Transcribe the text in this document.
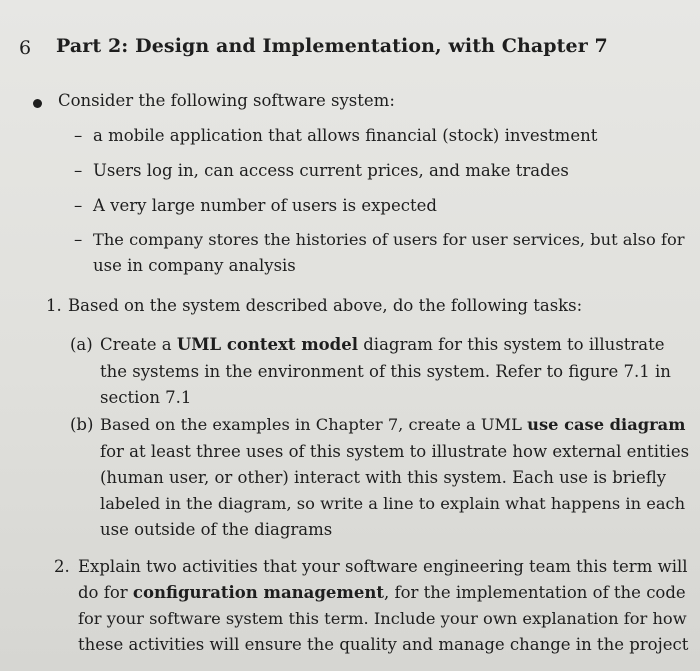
6 Part 2: Design and Implementation, with Chapter 7
Consider the following software system:
– a mobile application that allows financial (stock) investment
– Users log in, can access current prices, and make trades
– A very large number of users is expected
– The company stores the histories of users for user services, but also for
use in company analysis
1. Based on the system described above, do the following tasks:
(a) Create a UML context model diagram for this system to illustrate
the systems in the environment of this system. Refer to figure 7.1 in
section 7.1
(b) Based on the examples in Chapter 7, create a UML use case diagram
for at least three uses of this system to illustrate how external entities
(human user, or other) interact with this system. Each use is briefly
labeled in the diagram, so write a line to explain what happens in each
use outside of the diagrams
2. Explain two activities that your software engineering team this term will
do for configuration management, for the implementation of the code
for your software system this term. Include your own explanation for how
these activities will ensure the quality and manage change in the project
